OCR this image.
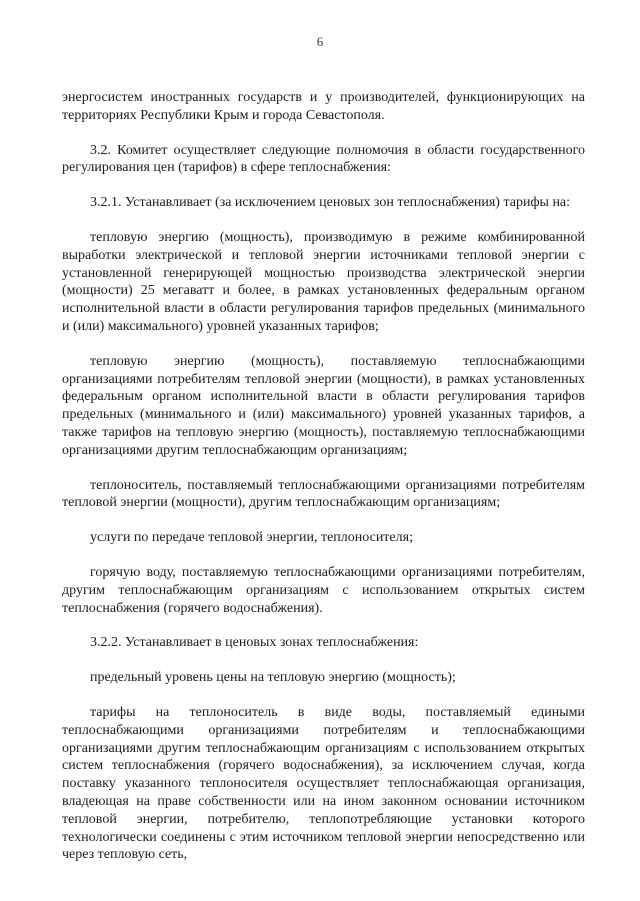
6

энергосистем иностранных государств и у производителей, функционирующих на территориях Республики Крым и города Севастополя.

3.2. Комитет осуществляет следующие полномочия в области государственного регулирования цен (тарифов) в сфере теплоснабжения:

3.2.1. Устанавливает (за исключением ценовых зон теплоснабжения) тарифы на:

тепловую энергию (мощность), производимую в режиме комбинированной выработки электрической и тепловой энергии источниками тепловой энергии с установленной генерирующей мощностью производства электрической энергии (мощности) 25 мегаватт и более, в рамках установленных федеральным органом исполнительной власти в области регулирования тарифов предельных (минимального и (или) максимального) уровней указанных тарифов;

тепловую энергию (мощность), поставляемую теплоснабжающими организациями потребителям тепловой энергии (мощности), в рамках установленных федеральным органом исполнительной власти в области регулирования тарифов предельных (минимального и (или) максимального) уровней указанных тарифов, а также тарифов на тепловую энергию (мощность), поставляемую теплоснабжающими организациями другим теплоснабжающим организациям;

теплоноситель, поставляемый теплоснабжающими организациями потребителям тепловой энергии (мощности), другим теплоснабжающим организациям;

услуги по передаче тепловой энергии, теплоносителя;

горячую воду, поставляемую теплоснабжающими организациями потребителям, другим теплоснабжающим организациям с использованием открытых систем теплоснабжения (горячего водоснабжения).

3.2.2. Устанавливает в ценовых зонах теплоснабжения:

предельный уровень цены на тепловую энергию (мощность);

тарифы на теплоноситель в виде воды, поставляемый едиными теплоснабжающими организациями потребителям и теплоснабжающими организациями другим теплоснабжающим организациям с использованием открытых систем теплоснабжения (горячего водоснабжения), за исключением случая, когда поставку указанного теплоносителя осуществляет теплоснабжающая организация, владеющая на праве собственности или на ином законном основании источником тепловой энергии, потребителю, теплопотребляющие установки которого технологически соединены с этим источником тепловой энергии непосредственно или через тепловую сеть,
